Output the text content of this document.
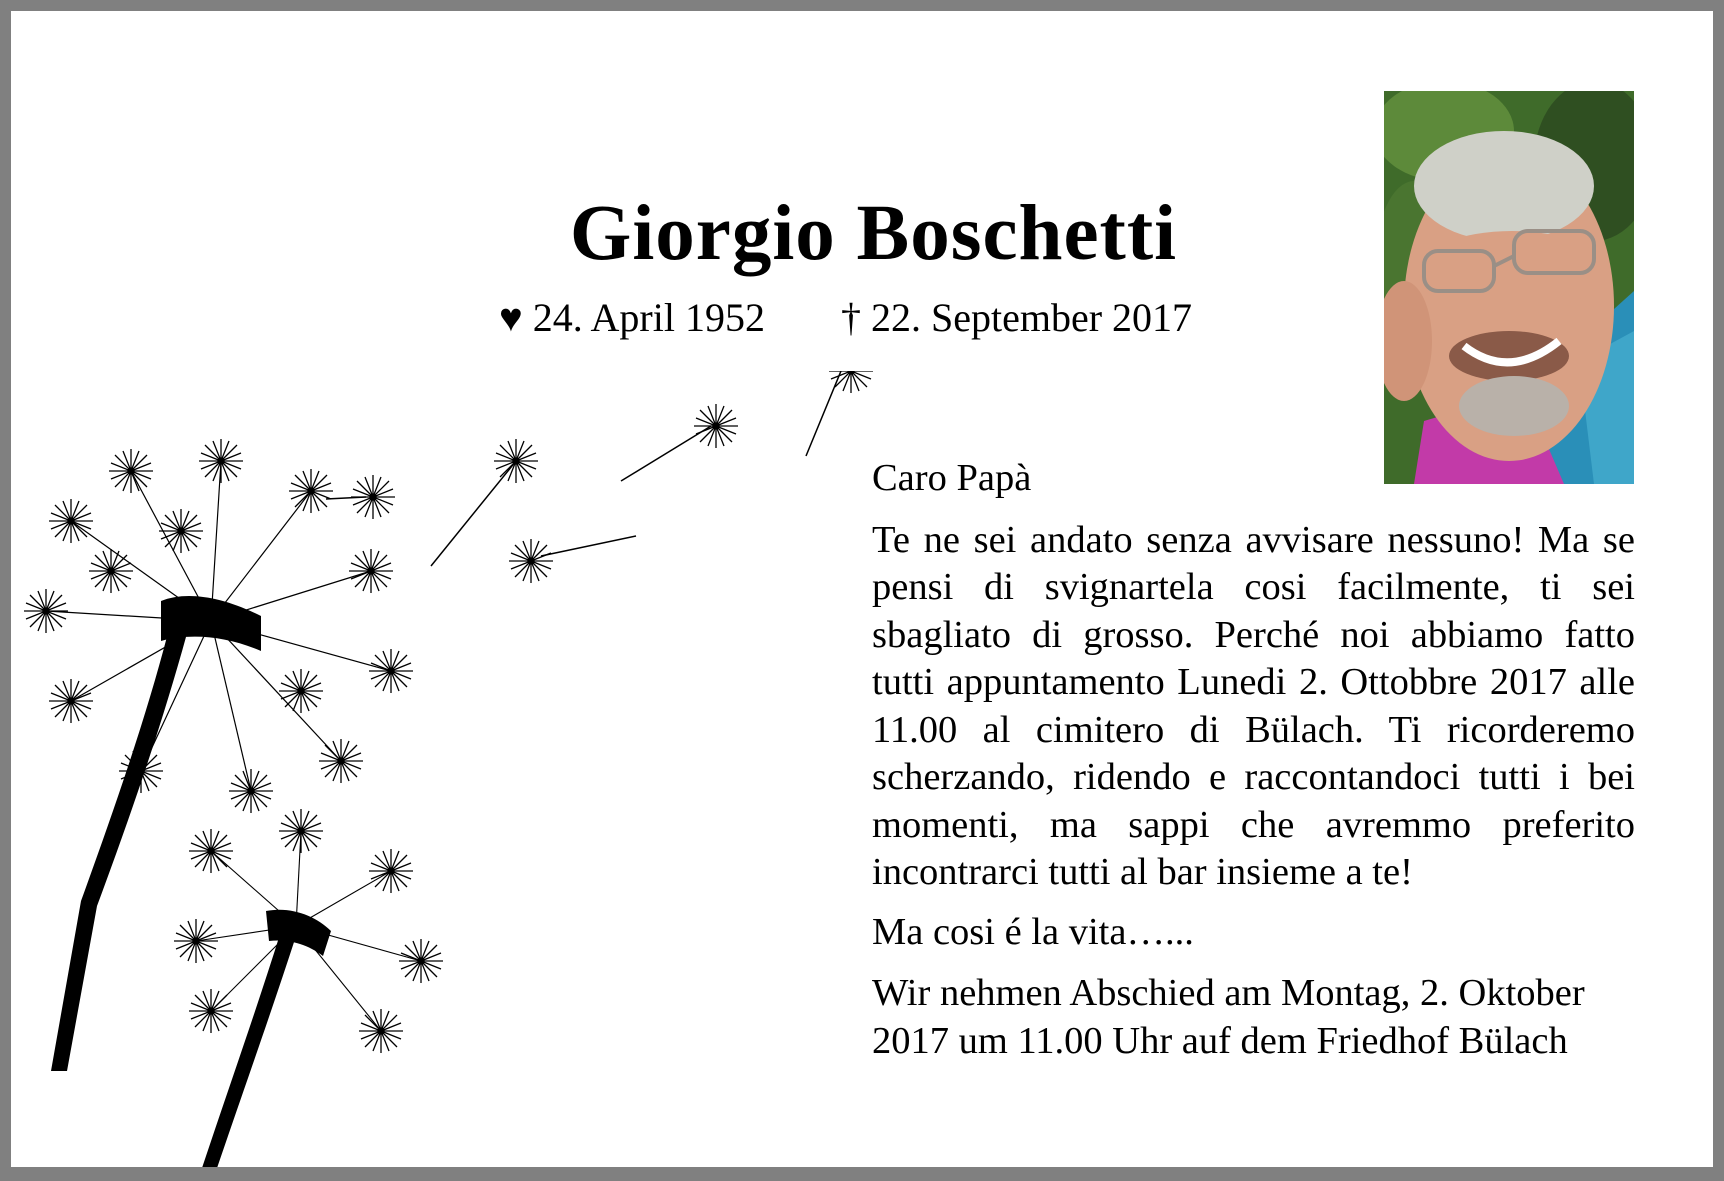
Giorgio Boschetti
♥ 24. April 1952 † 22. September 2017

Caro Papà

Te ne sei andato senza avvisare nessuno! Ma se pensi di svignartela cosi facilmente, ti sei sbagliato di grosso. Perché noi abbiamo fatto tutti appuntamento Lunedi 2. Ottobbre 2017 alle 11.00 al cimitero di Bülach. Ti ricorderemo scherzando, ridendo e raccontandoci tutti i bei momenti, ma sappi che avremmo preferito incontrarci tutti al bar insieme a te!

Ma cosi é la vita…...

Wir nehmen Abschied am Montag, 2. Oktober 2017 um 11.00 Uhr auf dem Friedhof Bülach
